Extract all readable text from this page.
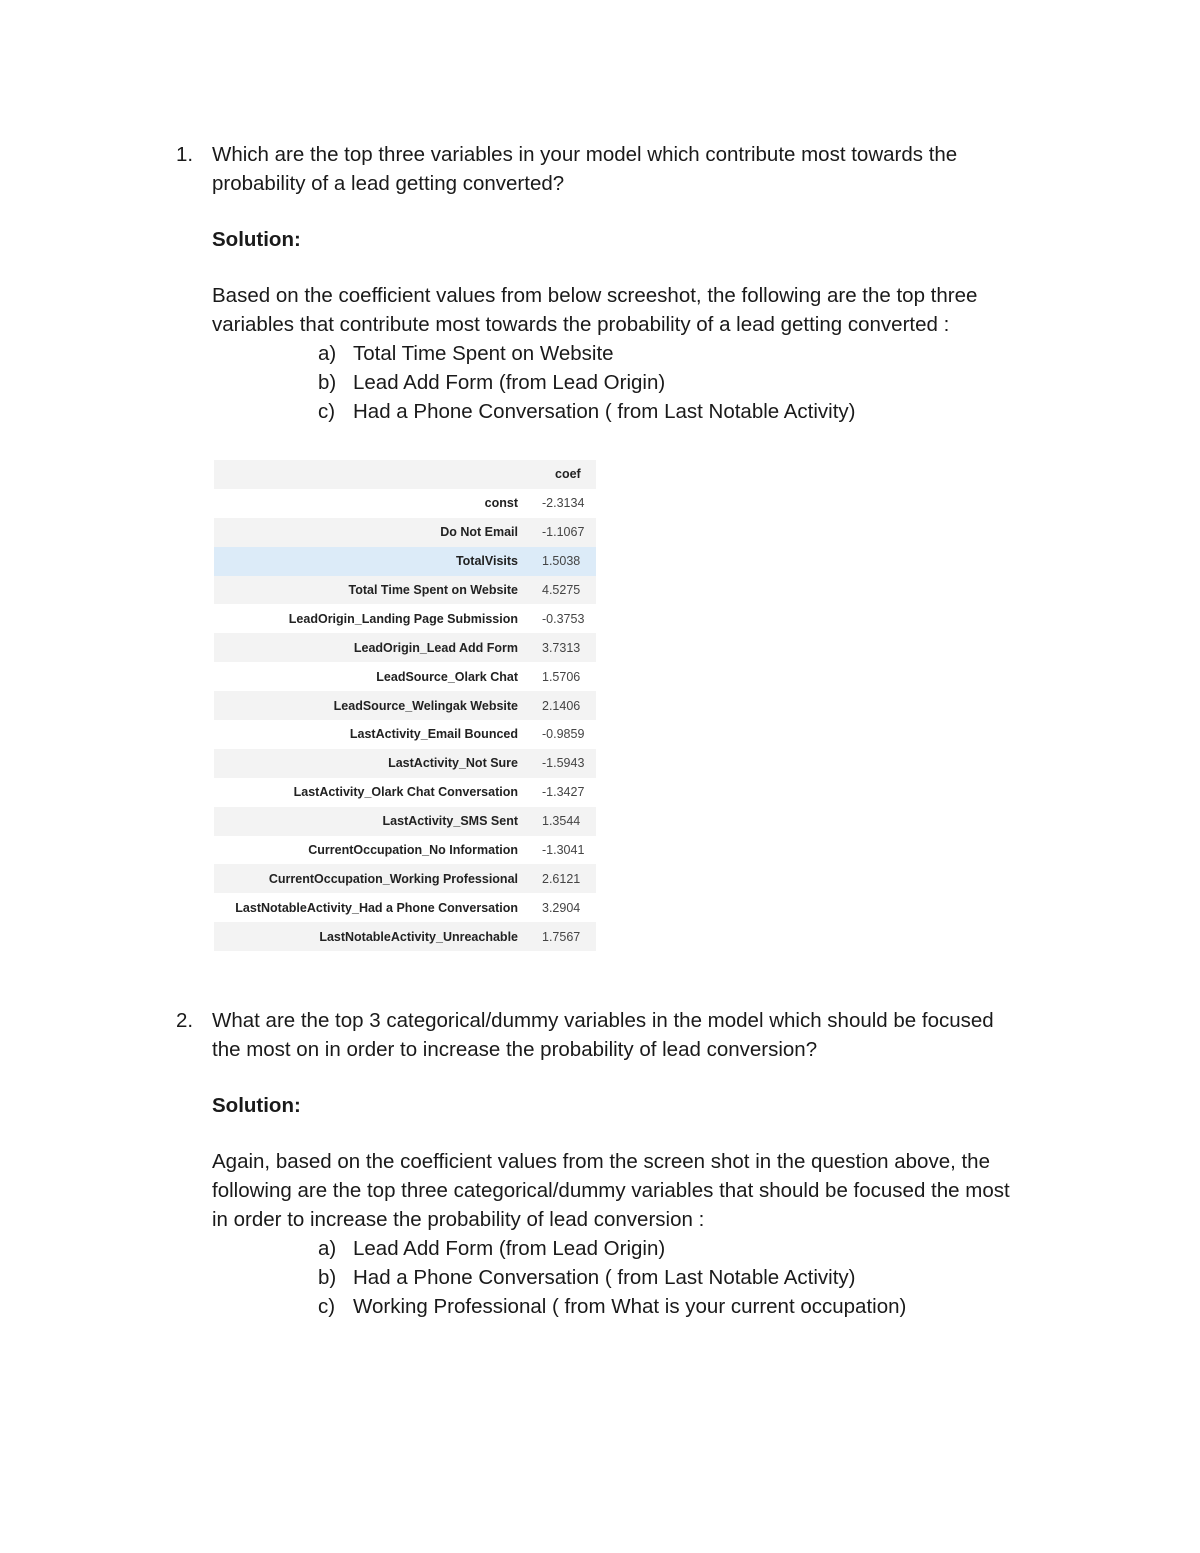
1. Which are the top three variables in your model which contribute most towards the
probability of a lead getting converted?
Solution:
Based on the coefficient values from below screeshot, the following are the top three
variables that contribute most towards the probability of a lead getting converted :
a) Total Time Spent on Website
b) Lead Add Form (from Lead Origin)
c) Had a Phone Conversation ( from Last Notable Activity)
	coef
const	-2.3134
Do Not Email	-1.1067
TotalVisits	1.5038
Total Time Spent on Website	4.5275
LeadOrigin_Landing Page Submission	-0.3753
LeadOrigin_Lead Add Form	3.7313
LeadSource_Olark Chat	1.5706
LeadSource_Welingak Website	2.1406
LastActivity_Email Bounced	-0.9859
LastActivity_Not Sure	-1.5943
LastActivity_Olark Chat Conversation	-1.3427
LastActivity_SMS Sent	1.3544
CurrentOccupation_No Information	-1.3041
CurrentOccupation_Working Professional	2.6121
LastNotableActivity_Had a Phone Conversation	3.2904
LastNotableActivity_Unreachable	1.7567
2. What are the top 3 categorical/dummy variables in the model which should be focused
the most on in order to increase the probability of lead conversion?
Solution:
Again, based on the coefficient values from the screen shot in the question above, the
following are the top three categorical/dummy variables that should be focused the most
in order to increase the probability of lead conversion :
a) Lead Add Form (from Lead Origin)
b) Had a Phone Conversation ( from Last Notable Activity)
c) Working Professional ( from What is your current occupation)
